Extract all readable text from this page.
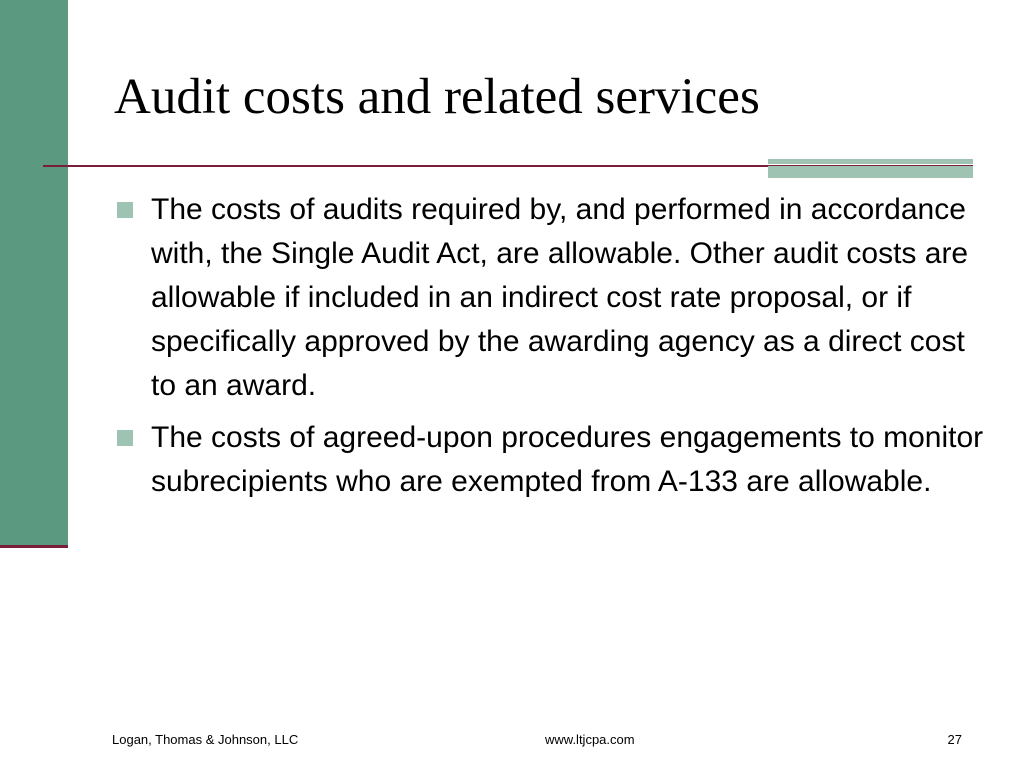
Audit costs and related services
The costs of audits required by, and performed in accordance with, the Single Audit Act, are allowable. Other audit costs are allowable if included in an indirect cost rate proposal, or if specifically approved by the awarding agency as a direct cost to an award.
The costs of agreed-upon procedures engagements to monitor subrecipients who are exempted from A-133 are allowable.
Logan, Thomas & Johnson, LLC	www.ltjcpa.com	27
